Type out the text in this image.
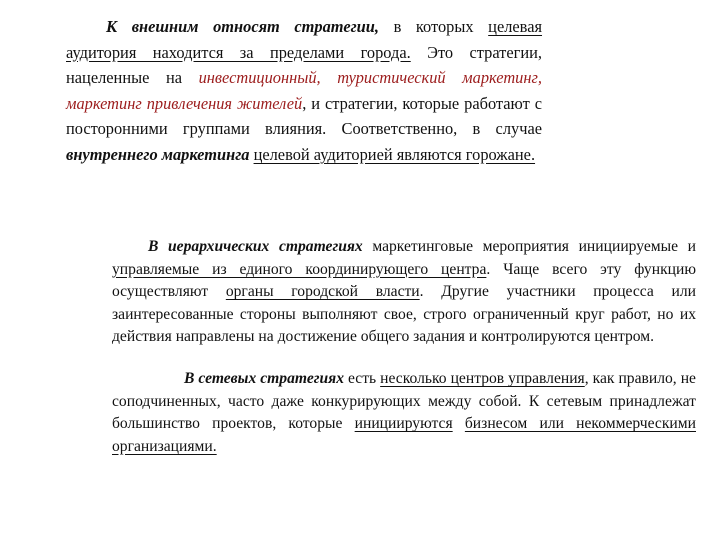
К внешним относят стратегии, в которых целевая аудитория находится за пределами города. Это стратегии, нацеленные на инвестиционный, туристический маркетинг, маркетинг привлечения жителей, и стратегии, которые работают с посторонними группами влияния. Соответственно, в случае внутреннего маркетинга целевой аудиторией являются горожане.

В иерархических стратегиях маркетинговые мероприятия инициируемые и управляемые из единого координирующего центра. Чаще всего эту функцию осуществляют органы городской власти. Другие участники процесса или заинтересованные стороны выполняют свое, строго ограниченный круг работ, но их действия направлены на достижение общего задания и контролируются центром.

В сетевых стратегиях есть несколько центров управления, как правило, не соподчиненных, часто даже конкурирующих между собой. К сетевым принадлежат большинство проектов, которые инициируются бизнесом или некоммерческими организациями.
